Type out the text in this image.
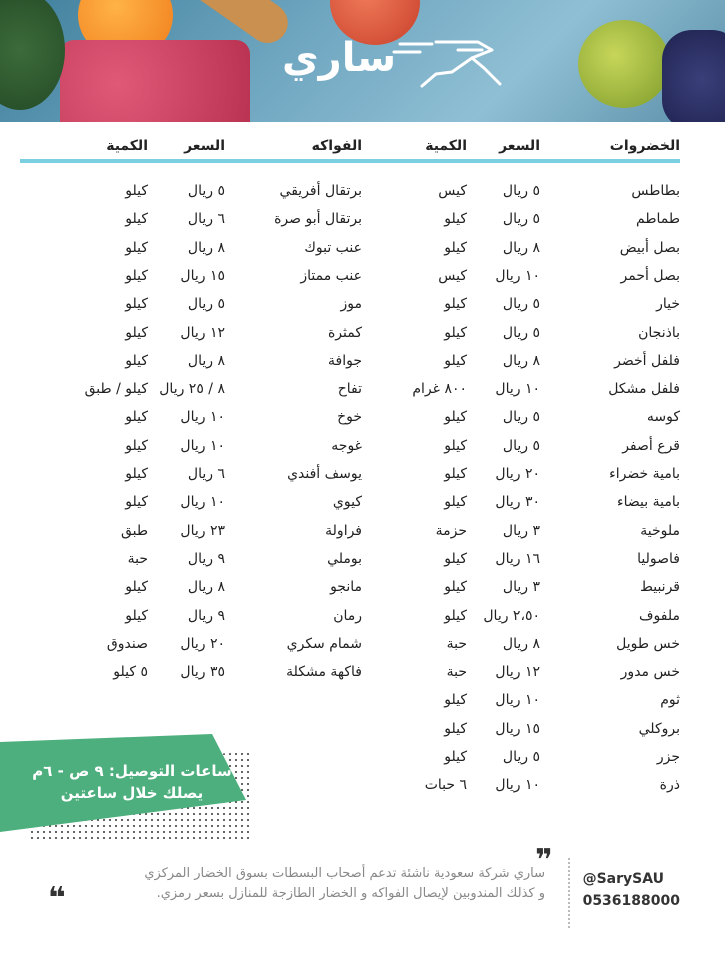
ساري
الخضروات
السعر
الكمية
الفواكه
السعر
الكمية
بطاطس
٥ ريال
كيس
طماطم
٥ ريال
كيلو
بصل أبيض
٨ ريال
كيلو
بصل أحمر
١٠ ريال
كيس
خيار
٥ ريال
كيلو
باذنجان
٥ ريال
كيلو
فلفل أخضر
٨ ريال
كيلو
فلفل مشكل
١٠ ريال
٨٠٠ غرام
كوسه
٥ ريال
كيلو
قرع أصفر
٥ ريال
كيلو
بامية خضراء
٢٠ ريال
كيلو
بامية بيضاء
٣٠ ريال
كيلو
ملوخية
٣ ريال
حزمة
فاصوليا
١٦ ريال
كيلو
قرنبيط
٣ ريال
كيلو
ملفوف
٢،٥٠ ريال
كيلو
خس طويل
٨ ريال
حبة
خس مدور
١٢ ريال
حبة
ثوم
١٠ ريال
كيلو
بروكلي
١٥ ريال
كيلو
جزر
٥ ريال
كيلو
ذرة
١٠ ريال
٦ حبات
برتقال أفريقي
٥ ريال
كيلو
برتقال أبو صرة
٦ ريال
كيلو
عنب تبوك
٨ ريال
كيلو
عنب ممتاز
١٥ ريال
كيلو
موز
٥ ريال
كيلو
كمثرة
١٢ ريال
كيلو
جوافة
٨ ريال
كيلو
تفاح
٨ / ٢٥ ريال
كيلو / طبق
خوخ
١٠ ريال
كيلو
غوجه
١٠ ريال
كيلو
يوسف أفندي
٦ ريال
كيلو
كيوي
١٠ ريال
كيلو
فراولة
٢٣ ريال
طبق
بوملي
٩ ريال
حبة
مانجو
٨ ريال
كيلو
رمان
٩ ريال
كيلو
شمام سكري
٢٠ ريال
صندوق
فاكهة مشكلة
٣٥ ريال
٥ كيلو
ساعات التوصيل: ٩ ص - ٦م
يصلك خلال ساعتين
@SarySAU
0536188000
❞
ساري شركة سعودية ناشئة تدعم أصحاب البسطات بسوق الخضار المركزي
و كذلك المندوبين لإيصال الفواكه و الخضار الطازجة للمنازل بسعر رمزي.
❝
